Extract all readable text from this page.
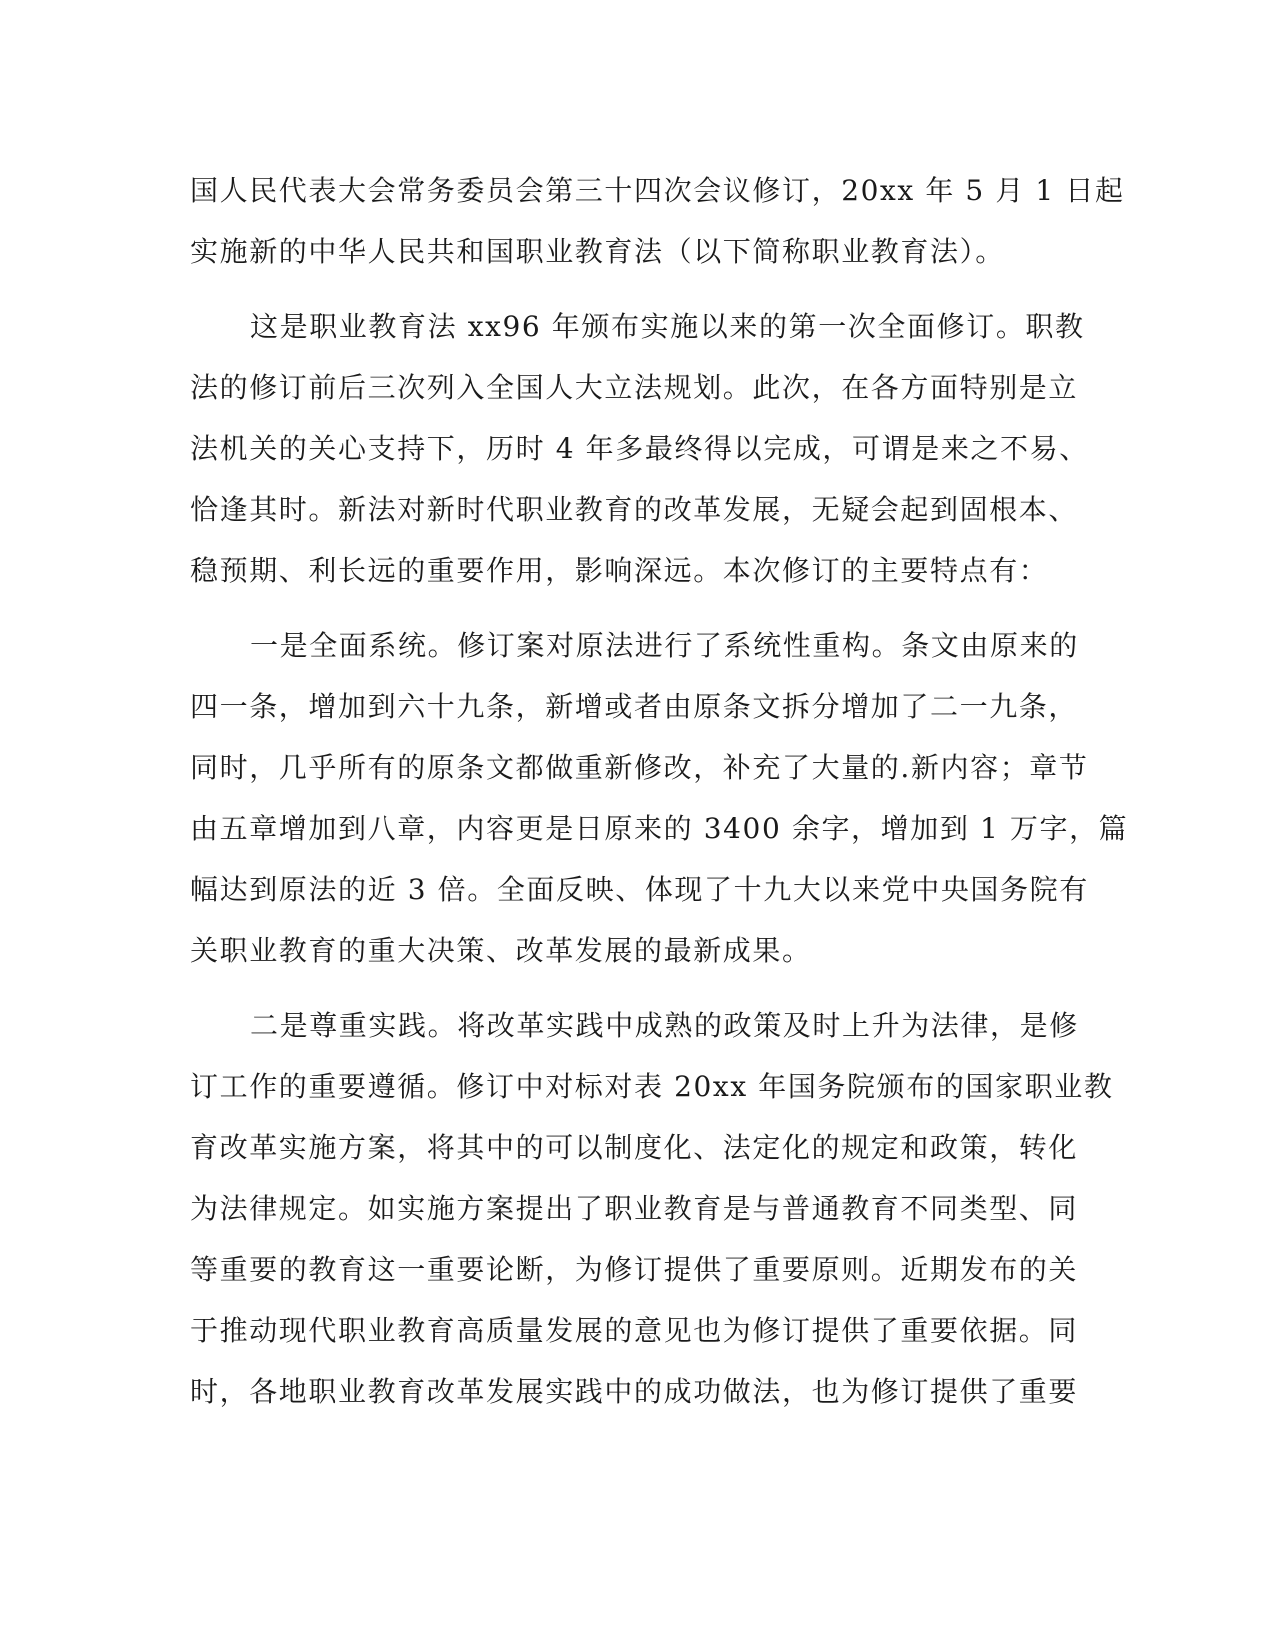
国人民代表大会常务委员会第三十四次会议修订，20xx 年 5 月 1 日起
实施新的中华人民共和国职业教育法（以下简称职业教育法）。
这是职业教育法 xx96 年颁布实施以来的第一次全面修订。职教
法的修订前后三次列入全国人大立法规划。此次，在各方面特别是立
法机关的关心支持下，历时 4 年多最终得以完成，可谓是来之不易、
恰逢其时。新法对新时代职业教育的改革发展，无疑会起到固根本、
稳预期、利长远的重要作用，影响深远。本次修订的主要特点有：
一是全面系统。修订案对原法进行了系统性重构。条文由原来的
四一条，增加到六十九条，新增或者由原条文拆分增加了二一九条，
同时，几乎所有的原条文都做重新修改，补充了大量的.新内容；章节
由五章增加到八章，内容更是日原来的 3400 余字，增加到 1 万字，篇
幅达到原法的近 3 倍。全面反映、体现了十九大以来党中央国务院有
关职业教育的重大决策、改革发展的最新成果。
二是尊重实践。将改革实践中成熟的政策及时上升为法律，是修
订工作的重要遵循。修订中对标对表 20xx 年国务院颁布的国家职业教
育改革实施方案，将其中的可以制度化、法定化的规定和政策，转化
为法律规定。如实施方案提出了职业教育是与普通教育不同类型、同
等重要的教育这一重要论断，为修订提供了重要原则。近期发布的关
于推动现代职业教育高质量发展的意见也为修订提供了重要依据。同
时，各地职业教育改革发展实践中的成功做法，也为修订提供了重要
